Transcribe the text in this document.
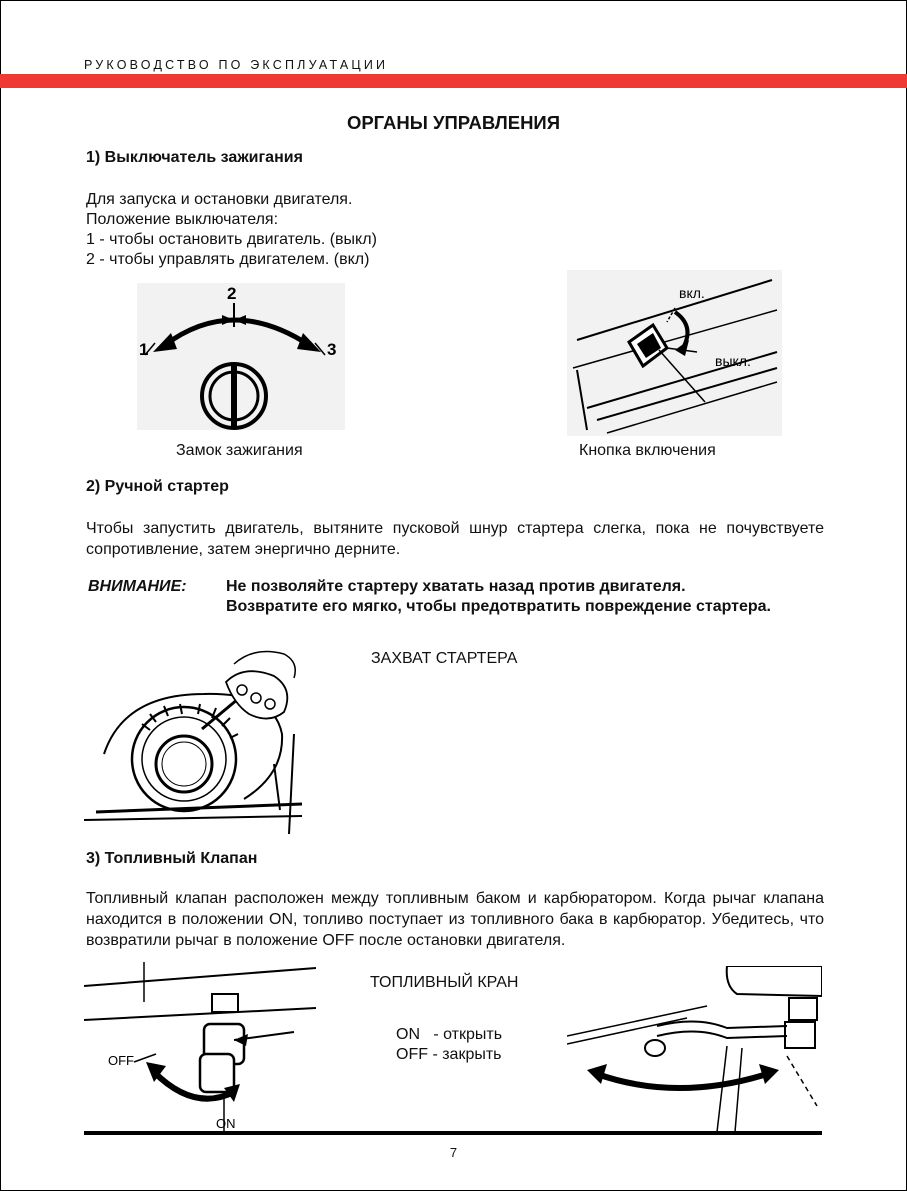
РУКОВОДСТВО ПО ЭКСПЛУАТАЦИИ
ОРГАНЫ УПРАВЛЕНИЯ
1) Выключатель зажигания
Для запуска и остановки двигателя.
Положение выключателя:
1 - чтобы остановить двигатель. (выкл)
2 - чтобы управлять двигателем. (вкл)
2
1	3
Замок зажигания
вкл.
выкл.
Кнопка включения
2) Ручной стартер
Чтобы запустить двигатель, вытяните пусковой шнур стартера слегка, пока не почувствуете сопротивление, затем энергично дерните.
ВНИМАНИЕ: Не позволяйте стартеру хватать назад против двигателя.
Возвратите его мягко, чтобы предотвратить повреждение стартера.
ЗАХВАТ СТАРТЕРА
3) Топливный Клапан
Топливный клапан расположен между топливным баком и карбюратором. Когда рычаг клапана находится в положении ON, топливо поступает из топливного бака в карбюратор. Убедитесь, что возвратили рычаг в положение OFF после остановки двигателя.
OFF
ON
ТОПЛИВНЫЙ КРАН
ON   - открыть
OFF - закрыть
7
